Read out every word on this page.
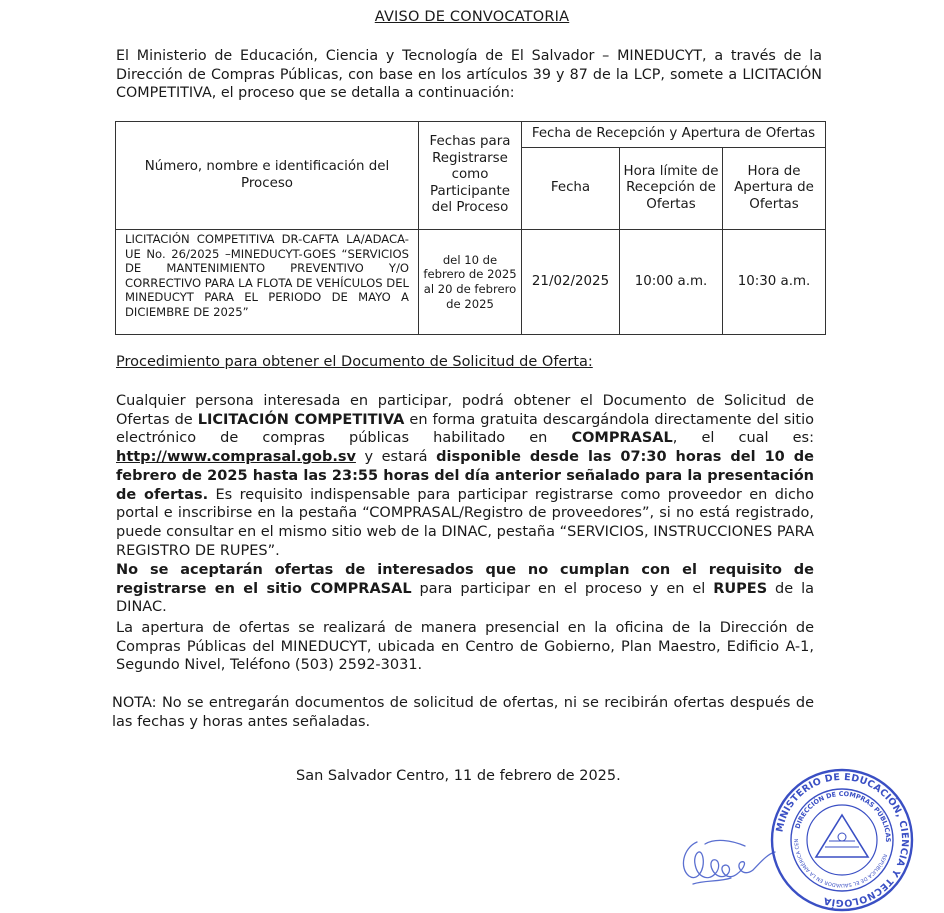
AVISO DE CONVOCATORIA
El Ministerio de Educación, Ciencia y Tecnología de El Salvador – MINEDUCYT, a través de la Dirección de Compras Públicas, con base en los artículos 39 y 87 de la LCP, somete a LICITACIÓN COMPETITIVA, el proceso que se detalla a continuación:
Número, nombre e identificación del Proceso	Fechas para Registrarse como Participante del Proceso	Fecha de Recepción y Apertura de Ofertas		
		Fecha	Hora límite de Recepción de Ofertas	Hora de Apertura de Ofertas
LICITACIÓN COMPETITIVA DR-CAFTA LA/ADACA- UE No. 26/2025 –MINEDUCYT-GOES “SERVICIOS DE MANTENIMIENTO PREVENTIVO Y/O CORRECTIVO PARA LA FLOTA DE VEHÍCULOS DEL MINEDUCYT PARA EL PERIODO DE MAYO A DICIEMBRE DE 2025”	del 10 de febrero de 2025 al 20 de febrero de 2025	21/02/2025	10:00 a.m.	10:30 a.m.
Procedimiento para obtener el Documento de Solicitud de Oferta:
Cualquier persona interesada en participar, podrá obtener el Documento de Solicitud de Ofertas de LICITACIÓN COMPETITIVA en forma gratuita descargándola directamente del sitio electrónico de compras públicas habilitado en COMPRASAL, el cual es: http://www.comprasal.gob.sv y estará disponible desde las 07:30 horas del 10 de febrero de 2025 hasta las 23:55 horas del día anterior señalado para la presentación de ofertas. Es requisito indispensable para participar registrarse como proveedor en dicho portal e inscribirse en la pestaña “COMPRASAL/Registro de proveedores”, si no está registrado, puede consultar en el mismo sitio web de la DINAC, pestaña “SERVICIOS, INSTRUCCIONES PARA REGISTRO DE RUPES”.
No se aceptarán ofertas de interesados que no cumplan con el requisito de registrarse en el sitio COMPRASAL para participar en el proceso y en el RUPES de la DINAC.
La apertura de ofertas se realizará de manera presencial en la oficina de la Dirección de Compras Públicas del MINEDUCYT, ubicada en Centro de Gobierno, Plan Maestro, Edificio A-1, Segundo Nivel, Teléfono (503) 2592-3031.
NOTA: No se entregarán documentos de solicitud de ofertas, ni se recibirán ofertas después de las fechas y horas antes señaladas.
San Salvador Centro, 11 de febrero de 2025.
MINISTERIO DE EDUCACIÓN, CIENCIA Y TECNOLOGÍA
DIRECCIÓN DE COMPRAS PÚBLICAS
REPÚBLICA DE EL SALVADOR EN LA AMÉRICA CEN
